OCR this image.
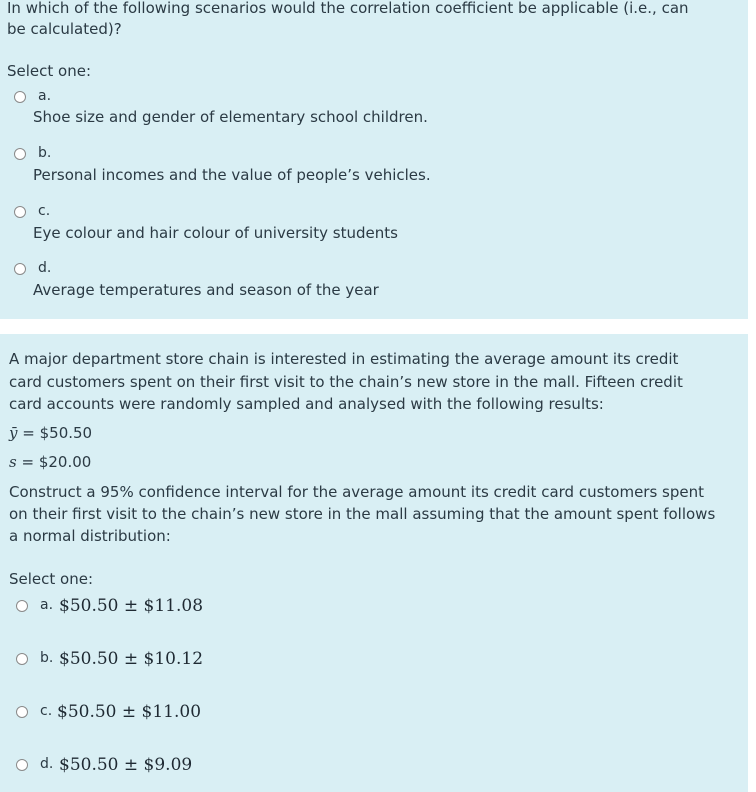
In which of the following scenarios would the correlation coefficient be applicable (i.e., can
be calculated)?
Select one:
a.
Shoe size and gender of elementary school children.
b.
Personal incomes and the value of people’s vehicles.
c.
Eye colour and hair colour of university students
d.
Average temperatures and season of the year
A major department store chain is interested in estimating the average amount its credit
card customers spent on their first visit to the chain’s new store in the mall. Fifteen credit
card accounts were randomly sampled and analysed with the following results:
ȳ = $50.50
s = $20.00
Construct a 95% confidence interval for the average amount its credit card customers spent
on their first visit to the chain’s new store in the mall assuming that the amount spent follows
a normal distribution:
Select one:
a. $50.50 ± $11.08
b. $50.50 ± $10.12
c. $50.50 ± $11.00
d. $50.50 ± $9.09
